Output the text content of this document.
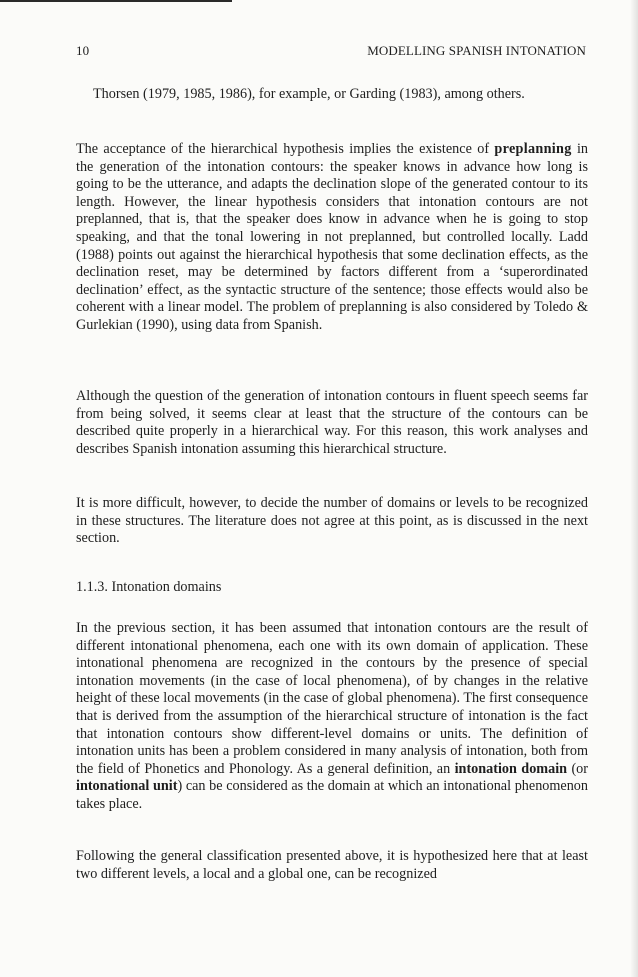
10	MODELLING SPANISH INTONATION

Thorsen (1979, 1985, 1986), for example, or Garding (1983), among others.

The acceptance of the hierarchical hypothesis implies the existence of preplanning in the generation of the intonation contours: the speaker knows in advance how long is going to be the utterance, and adapts the declination slope of the generated contour to its length. However, the linear hypothesis considers that intonation contours are not preplanned, that is, that the speaker does know in advance when he is going to stop speaking, and that the tonal lowering in not preplanned, but controlled locally. Ladd (1988) points out against the hierarchical hypothesis that some declination effects, as the declination reset, may be determined by factors different from a ‘superordinated declination’ effect, as the syntactic structure of the sentence; those effects would also be coherent with a linear model. The problem of preplanning is also considered by Toledo & Gurlekian (1990), using data from Spanish.

Although the question of the generation of intonation contours in fluent speech seems far from being solved, it seems clear at least that the structure of the contours can be described quite properly in a hierarchical way. For this reason, this work analyses and describes Spanish intonation assuming this hierarchical structure.

It is more difficult, however, to decide the number of domains or levels to be recognized in these structures. The literature does not agree at this point, as is discussed in the next section.

1.1.3. Intonation domains

In the previous section, it has been assumed that intonation contours are the result of different intonational phenomena, each one with its own domain of application. These intonational phenomena are recognized in the contours by the presence of special intonation movements (in the case of local phenomena), of by changes in the relative height of these local movements (in the case of global phenomena). The first consequence that is derived from the assumption of the hierarchical structure of intonation is the fact that intonation contours show different-level domains or units. The definition of intonation units has been a problem considered in many analysis of intonation, both from the field of Phonetics and Phonology. As a general definition, an intonation domain (or intonational unit) can be considered as the domain at which an intonational phenomenon takes place.

Following the general classification presented above, it is hypothesized here that at least two different levels, a local and a global one, can be recognized
